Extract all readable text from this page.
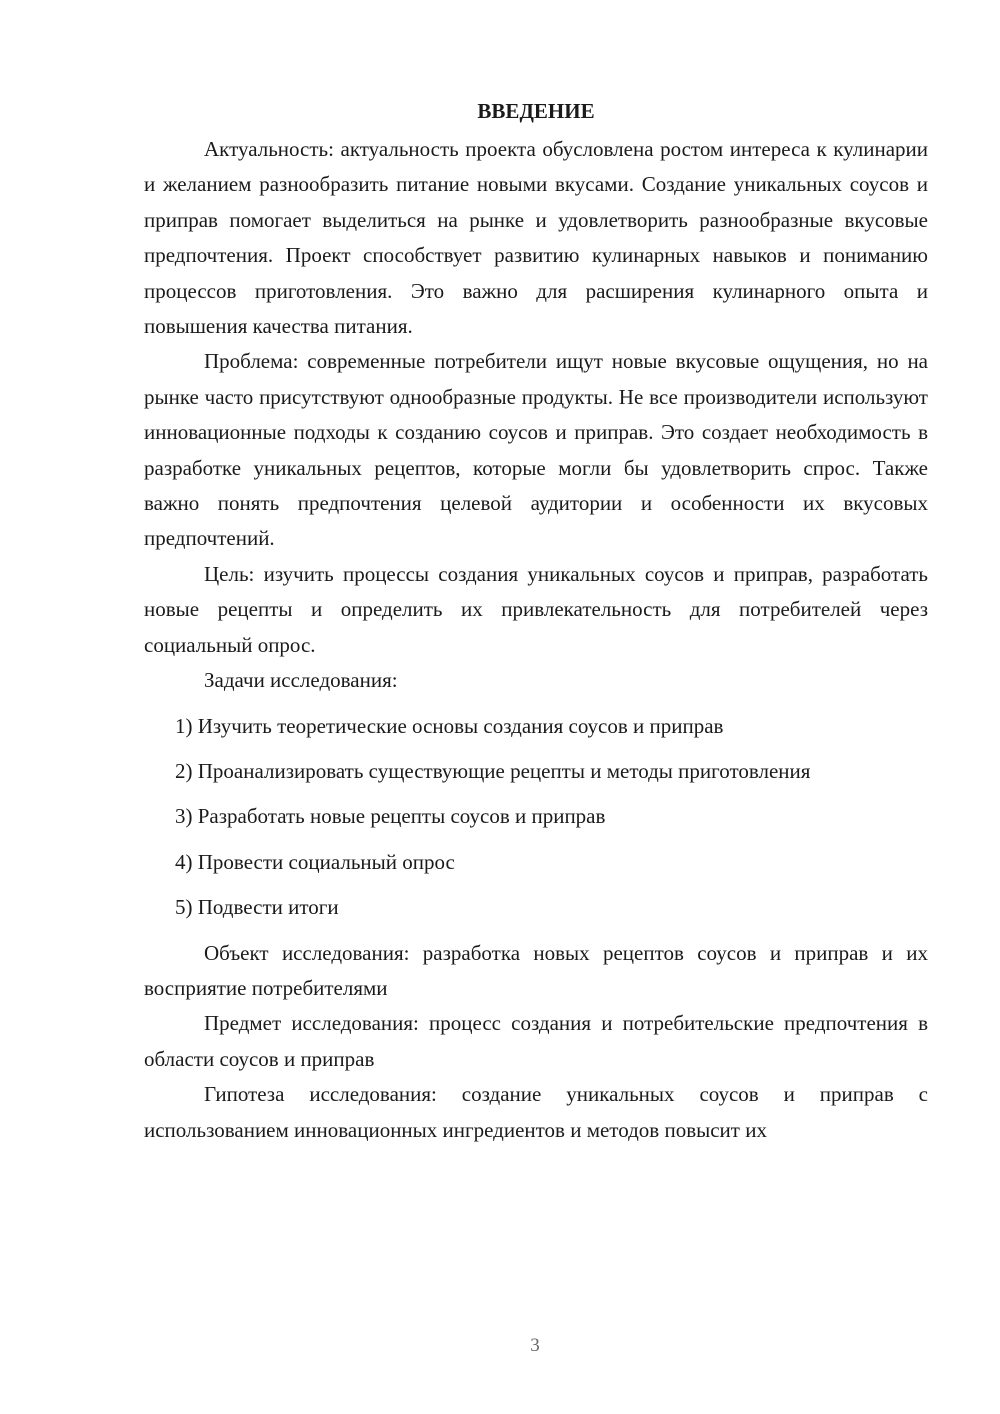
ВВЕДЕНИЕ

Актуальность: актуальность проекта обусловлена ростом интереса к кулинарии и желанием разнообразить питание новыми вкусами. Создание уникальных соусов и приправ помогает выделиться на рынке и удовлетворить разнообразные вкусовые предпочтения. Проект способствует развитию кулинарных навыков и пониманию процессов приготовления. Это важно для расширения кулинарного опыта и повышения качества питания.

Проблема: современные потребители ищут новые вкусовые ощущения, но на рынке часто присутствуют однообразные продукты. Не все производители используют инновационные подходы к созданию соусов и приправ. Это создает необходимость в разработке уникальных рецептов, которые могли бы удовлетворить спрос. Также важно понять предпочтения целевой аудитории и особенности их вкусовых предпочтений.

Цель: изучить процессы создания уникальных соусов и приправ, разработать новые рецепты и определить их привлекательность для потребителей через социальный опрос.

Задачи исследования:

1) Изучить теоретические основы создания соусов и приправ

2) Проанализировать существующие рецепты и методы приготовления

3) Разработать новые рецепты соусов и приправ

4) Провести социальный опрос

5) Подвести итоги

Объект исследования: разработка новых рецептов соусов и приправ и их восприятие потребителями

Предмет исследования: процесс создания и потребительские предпочтения в области соусов и приправ

Гипотеза исследования: создание уникальных соусов и приправ с использованием инновационных ингредиентов и методов повысит их

3
